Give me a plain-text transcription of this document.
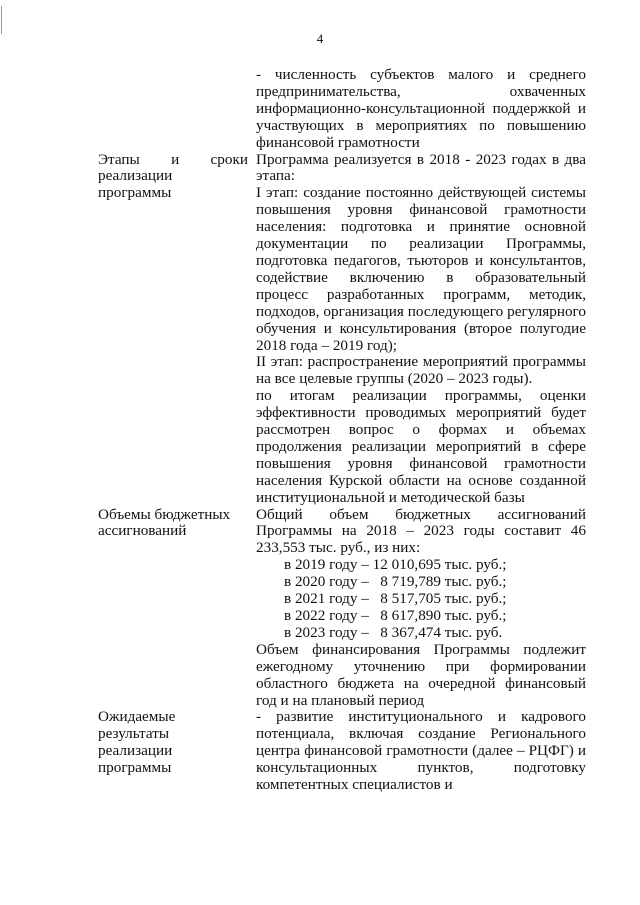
4

- численность субъектов малого и среднего предпринимательства, охваченных информационно-консультационной поддержкой и участвующих в мероприятиях по повышению финансовой грамотности

Этапы и сроки
реализации программы

Программа реализуется в 2018 - 2023 годах в два этапа:

I этап: создание постоянно действующей системы повышения уровня финансовой грамотности населения: подготовка и принятие основной документации по реализации Программы, подготовка педагогов, тьюторов и консультантов, содействие включению в образовательный процесс разработанных программ, методик, подходов, организация последующего регулярного обучения и консультирования (второе полугодие 2018 года – 2019 год);

II этап: распространение мероприятий программы на все целевые группы (2020 – 2023 годы).

по итогам реализации программы, оценки эффективности проводимых мероприятий будет рассмотрен вопрос о формах и объемах продолжения реализации мероприятий в сфере повышения уровня финансовой грамотности населения Курской области на основе созданной институциональной и методической базы

Объемы бюджетных
ассигнований

Общий объем бюджетных ассигнований Программы на 2018 – 2023 годы составит 46 233,553 тыс. руб., из них:

в 2019 году – 12 010,695 тыс. руб.;
в 2020 году –   8 719,789 тыс. руб.;
в 2021 году –   8 517,705 тыс. руб.;
в 2022 году –   8 617,890 тыс. руб.;
в 2023 году –   8 367,474 тыс. руб.

Объем финансирования Программы подлежит ежегодному уточнению при формировании областного бюджета на очередной финансовый год и на плановый период

Ожидаемые результаты
реализации программы

- развитие институционального и кадрового потенциала, включая создание Регионального центра финансовой грамотности (далее – РЦФГ) и консультационных пунктов, подготовку компетентных специалистов и
